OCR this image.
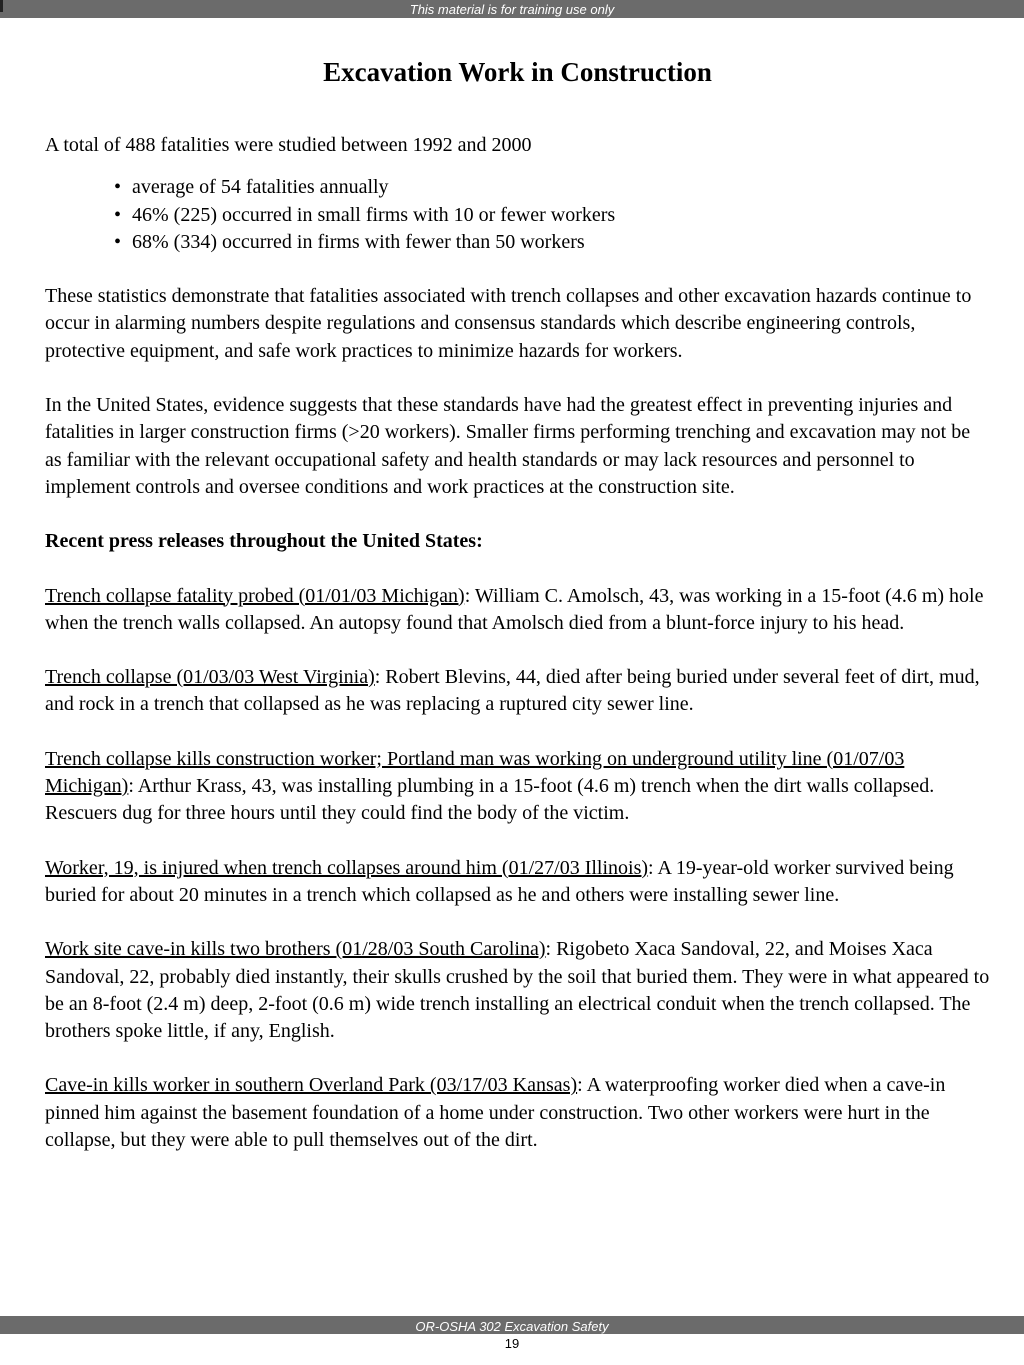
This material is for training use only
Excavation Work in Construction

A total of 488 fatalities were studied between 1992 and 2000

• average of 54 fatalities annually
• 46% (225) occurred in small firms with 10 or fewer workers
• 68% (334) occurred in firms with fewer than 50 workers

These statistics demonstrate that fatalities associated with trench collapses and other excavation hazards continue to occur in alarming numbers despite regulations and consensus standards which describe engineering controls, protective equipment, and safe work practices to minimize hazards for workers.

In the United States, evidence suggests that these standards have had the greatest effect in preventing injuries and fatalities in larger construction firms (>20 workers). Smaller firms performing trenching and excavation may not be as familiar with the relevant occupational safety and health standards or may lack resources and personnel to implement controls and oversee conditions and work practices at the construction site.

Recent press releases throughout the United States:

Trench collapse fatality probed (01/01/03 Michigan): William C. Amolsch, 43, was working in a 15-foot (4.6 m) hole when the trench walls collapsed. An autopsy found that Amolsch died from a blunt-force injury to his head.

Trench collapse (01/03/03 West Virginia): Robert Blevins, 44, died after being buried under several feet of dirt, mud, and rock in a trench that collapsed as he was replacing a ruptured city sewer line.

Trench collapse kills construction worker; Portland man was working on underground utility line (01/07/03 Michigan): Arthur Krass, 43, was installing plumbing in a 15-foot (4.6 m) trench when the dirt walls collapsed. Rescuers dug for three hours until they could find the body of the victim.

Worker, 19, is injured when trench collapses around him (01/27/03 Illinois): A 19-year-old worker survived being buried for about 20 minutes in a trench which collapsed as he and others were installing sewer line.

Work site cave-in kills two brothers (01/28/03 South Carolina): Rigobeto Xaca Sandoval, 22, and Moises Xaca Sandoval, 22, probably died instantly, their skulls crushed by the soil that buried them. They were in what appeared to be an 8-foot (2.4 m) deep, 2-foot (0.6 m) wide trench installing an electrical conduit when the trench collapsed. The brothers spoke little, if any, English.

Cave-in kills worker in southern Overland Park (03/17/03 Kansas): A waterproofing worker died when a cave-in pinned him against the basement foundation of a home under construction. Two other workers were hurt in the collapse, but they were able to pull themselves out of the dirt.

OR-OSHA 302 Excavation Safety
19
